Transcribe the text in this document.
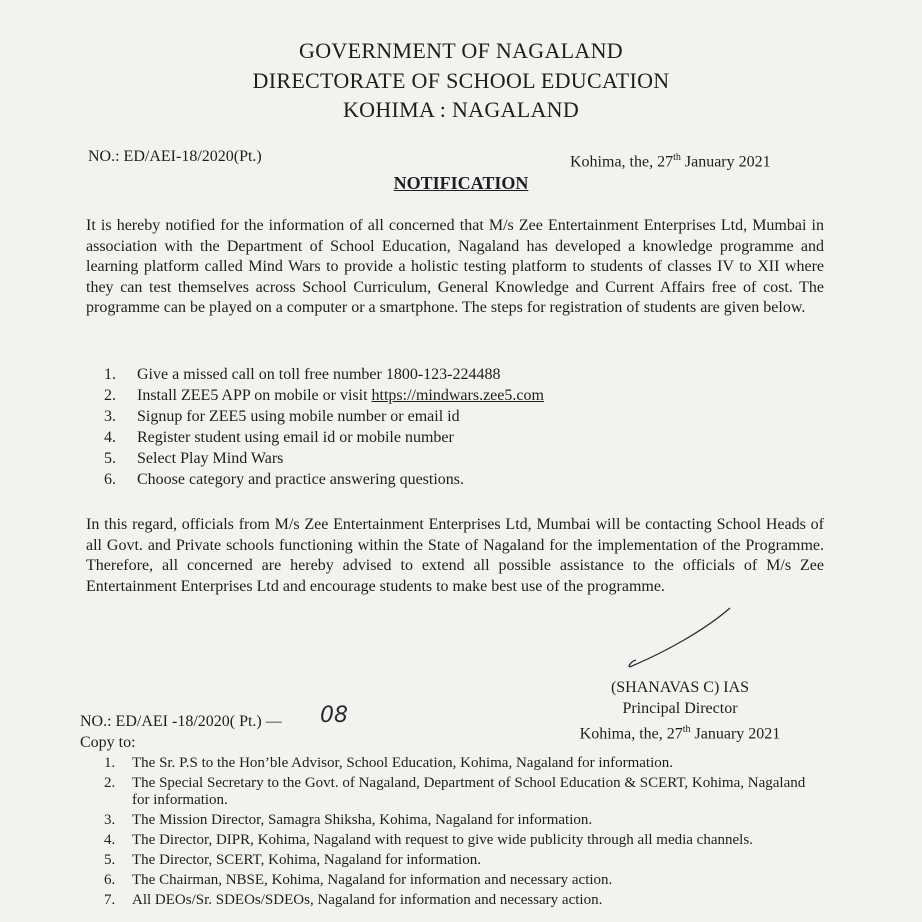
GOVERNMENT OF NAGALAND
DIRECTORATE OF SCHOOL EDUCATION
KOHIMA : NAGALAND
NO.: ED/AEI-18/2020(Pt.)	Kohima, the, 27th January 2021
NOTIFICATION

It is hereby notified for the information of all concerned that M/s Zee Entertainment Enterprises Ltd, Mumbai in association with the Department of School Education, Nagaland has developed a knowledge programme and learning platform called Mind Wars to provide a holistic testing platform to students of classes IV to XII where they can test themselves across School Curriculum, General Knowledge and Current Affairs free of cost. The programme can be played on a computer or a smartphone. The steps for registration of students are given below.

1. Give a missed call on toll free number 1800-123-224488
2. Install ZEE5 APP on mobile or visit https://mindwars.zee5.com
3. Signup for ZEE5 using mobile number or email id
4. Register student using email id or mobile number
5. Select Play Mind Wars
6. Choose category and practice answering questions.

In this regard, officials from M/s Zee Entertainment Enterprises Ltd, Mumbai will be contacting School Heads of all Govt. and Private schools functioning within the State of Nagaland for the implementation of the Programme. Therefore, all concerned are hereby advised to extend all possible assistance to the officials of M/s Zee Entertainment Enterprises Ltd and encourage students to make best use of the programme.

(SHANAVAS C) IAS
Principal Director
Kohima, the, 27th January 2021
NO.: ED/AEI -18/2020( Pt.) — 08
Copy to:
1. The Sr. P.S to the Hon’ble Advisor, School Education, Kohima, Nagaland for information.
2. The Special Secretary to the Govt. of Nagaland, Department of School Education & SCERT, Kohima, Nagaland for information.
3. The Mission Director, Samagra Shiksha, Kohima, Nagaland for information.
4. The Director, DIPR, Kohima, Nagaland with request to give wide publicity through all media channels.
5. The Director, SCERT, Kohima, Nagaland for information.
6. The Chairman, NBSE, Kohima, Nagaland for information and necessary action.
7. All DEOs/Sr. SDEOs/SDEOs, Nagaland for information and necessary action.
